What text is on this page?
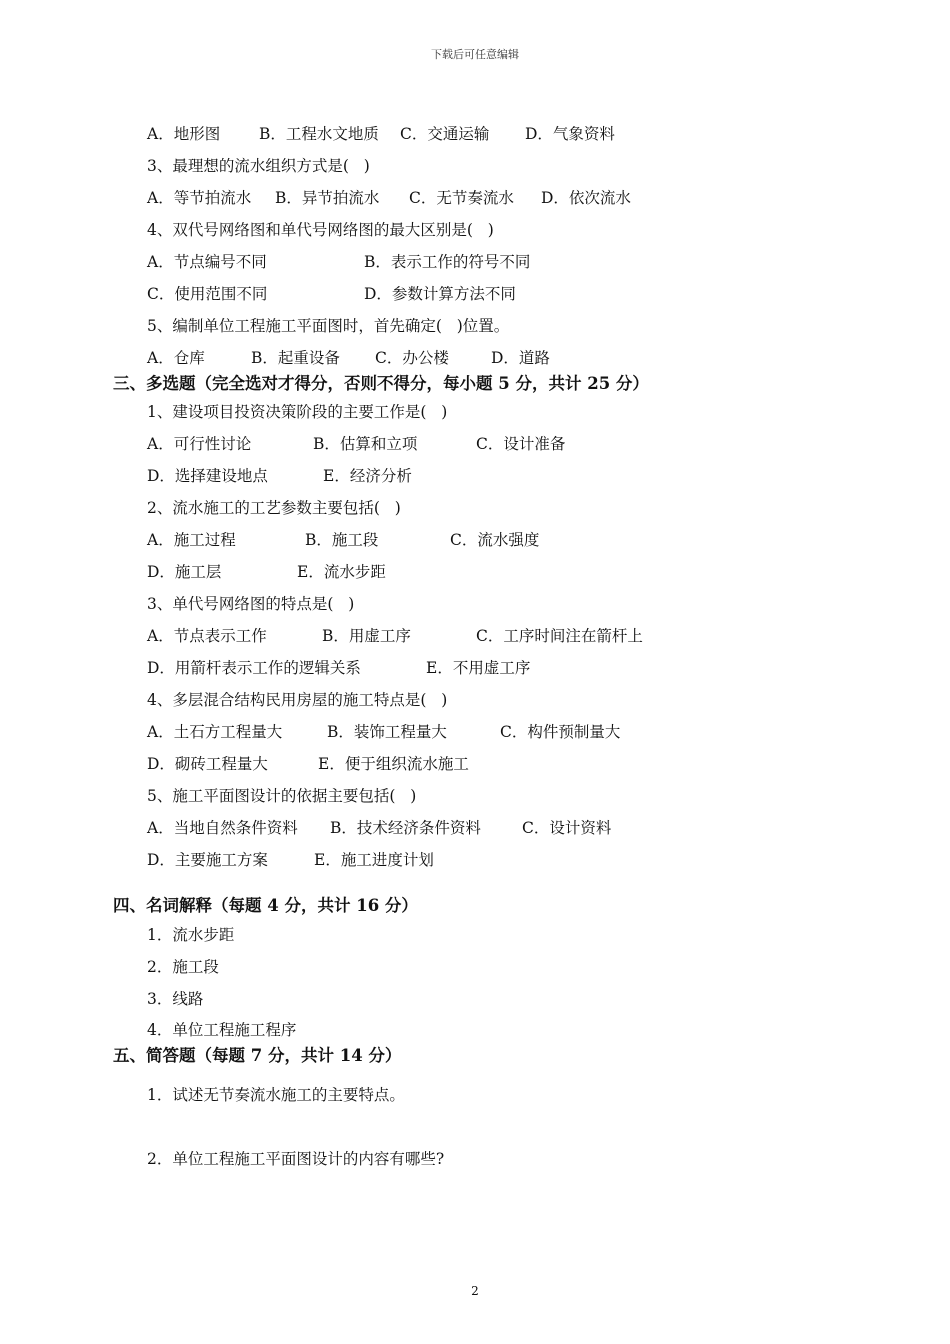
下载后可任意编辑
A．地形图	B．工程水文地质 C．交通运输 D．气象资料
3、最理想的流水组织方式是(   )
A．等节拍流水 B．异节拍流水 C．无节奏流水 D．依次流水
4、双代号网络图和单代号网络图的最大区别是(   )
A．节点编号不同	B．表示工作的符号不同
C．使用范围不同	D．参数计算方法不同
5、编制单位工程施工平面图时，首先确定(   )位置。
A．仓库	B．起重设备 C．办公楼	D．道路
三、多选题（完全选对才得分，否则不得分，每小题 5 分，共计 25 分）
1、建设项目投资决策阶段的主要工作是(   )
A．可行性讨论	B．估算和立项	C．设计准备
D．选择建设地点	E．经济分析
2、流水施工的工艺参数主要包括(   )
A．施工过程	B．施工段	C．流水强度
D．施工层	E．流水步距
3、单代号网络图的特点是(   )
A．节点表示工作	B．用虚工序	C．工序时间注在箭杆上
D．用箭杆表示工作的逻辑关系	E．不用虚工序
4、多层混合结构民用房屋的施工特点是(   )
A．土石方工程量大	B．装饰工程量大	C．构件预制量大
D．砌砖工程量大	E．便于组织流水施工
5、施工平面图设计的依据主要包括(   )
A．当地自然条件资料 B．技术经济条件资料	C．设计资料
D．主要施工方案	E．施工进度计划
四、名词解释（每题 4 分，共计 16 分）
1．流水步距
2．施工段
3．线路
4．单位工程施工程序
五、简答题（每题 7 分，共计 14 分）
1．试述无节奏流水施工的主要特点。
2．单位工程施工平面图设计的内容有哪些?
2
